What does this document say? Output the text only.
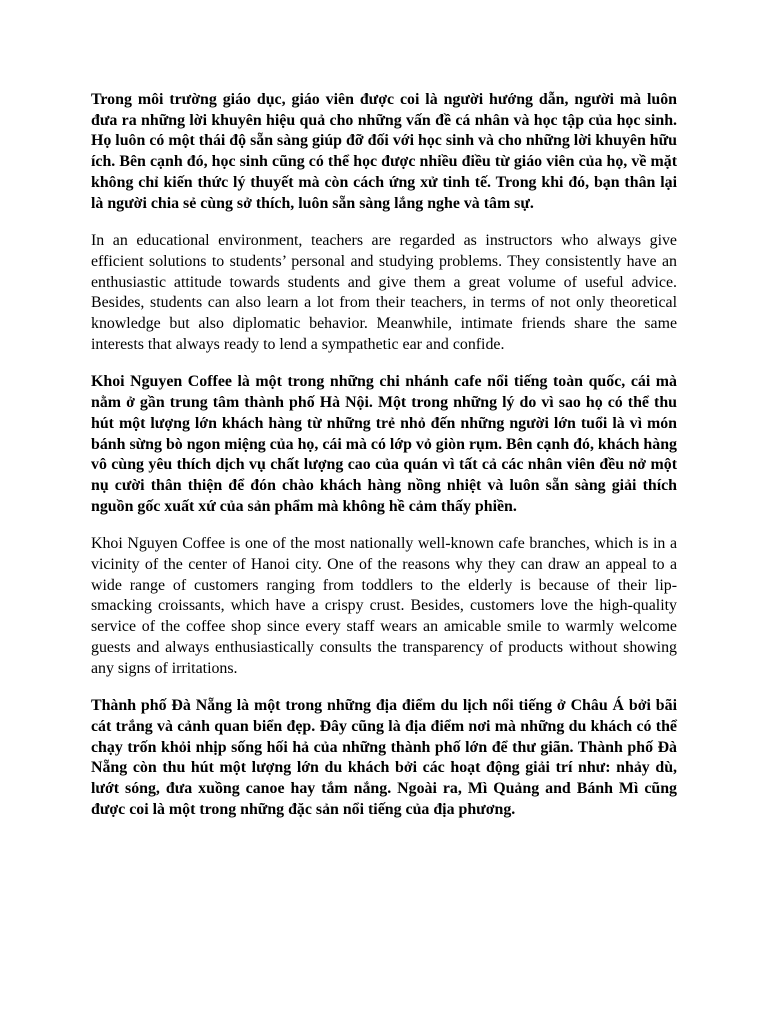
Trong môi trường giáo dục, giáo viên được coi là người hướng dẫn, người mà luôn đưa ra những lời khuyên hiệu quả cho những vấn đề cá nhân và học tập của học sinh. Họ luôn có một thái độ sẵn sàng giúp đỡ đối với học sinh và cho những lời khuyên hữu ích. Bên cạnh đó, học sinh cũng có thể học được nhiều điều từ giáo viên của họ, về mặt không chỉ kiến thức lý thuyết mà còn cách ứng xử tinh tế. Trong khi đó, bạn thân lại là người chia sẻ cùng sở thích, luôn sẵn sàng lắng nghe và tâm sự.

In an educational environment, teachers are regarded as instructors who always give efficient solutions to students’ personal and studying problems. They consistently have an enthusiastic attitude towards students and give them a great volume of useful advice. Besides, students can also learn a lot from their teachers, in terms of not only theoretical knowledge but also diplomatic behavior. Meanwhile, intimate friends share the same interests that always ready to lend a sympathetic ear and confide.

Khoi Nguyen Coffee là một trong những chi nhánh cafe nổi tiếng toàn quốc, cái mà nằm ở gần trung tâm thành phố Hà Nội. Một trong những lý do vì sao họ có thể thu hút một lượng lớn khách hàng từ những trẻ nhỏ đến những người lớn tuổi là vì món bánh sừng bò ngon miệng của họ, cái mà có lớp vỏ giòn rụm. Bên cạnh đó, khách hàng vô cùng yêu thích dịch vụ chất lượng cao của quán vì tất cả các nhân viên đều nở một nụ cười thân thiện để đón chào khách hàng nồng nhiệt và luôn sẵn sàng giải thích nguồn gốc xuất xứ của sản phẩm mà không hề cảm thấy phiền.

Khoi Nguyen Coffee is one of the most nationally well-known cafe branches, which is in a vicinity of the center of Hanoi city. One of the reasons why they can draw an appeal to a wide range of customers ranging from toddlers to the elderly is because of their lip-smacking croissants, which have a crispy crust. Besides, customers love the high-quality service of the coffee shop since every staff wears an amicable smile to warmly welcome guests and always enthusiastically consults the transparency of products without showing any signs of irritations.

Thành phố Đà Nẵng là một trong những địa điểm du lịch nổi tiếng ở Châu Á bởi bãi cát trắng và cảnh quan biển đẹp. Đây cũng là địa điểm nơi mà những du khách có thể chạy trốn khỏi nhịp sống hối hả của những thành phố lớn để thư giãn. Thành phố Đà Nẵng còn thu hút một lượng lớn du khách bởi các hoạt động giải trí như: nhảy dù, lướt sóng, đưa xuồng canoe hay tắm nắng. Ngoài ra, Mì Quảng and Bánh Mì cũng được coi là một trong những đặc sản nổi tiếng của địa phương.
